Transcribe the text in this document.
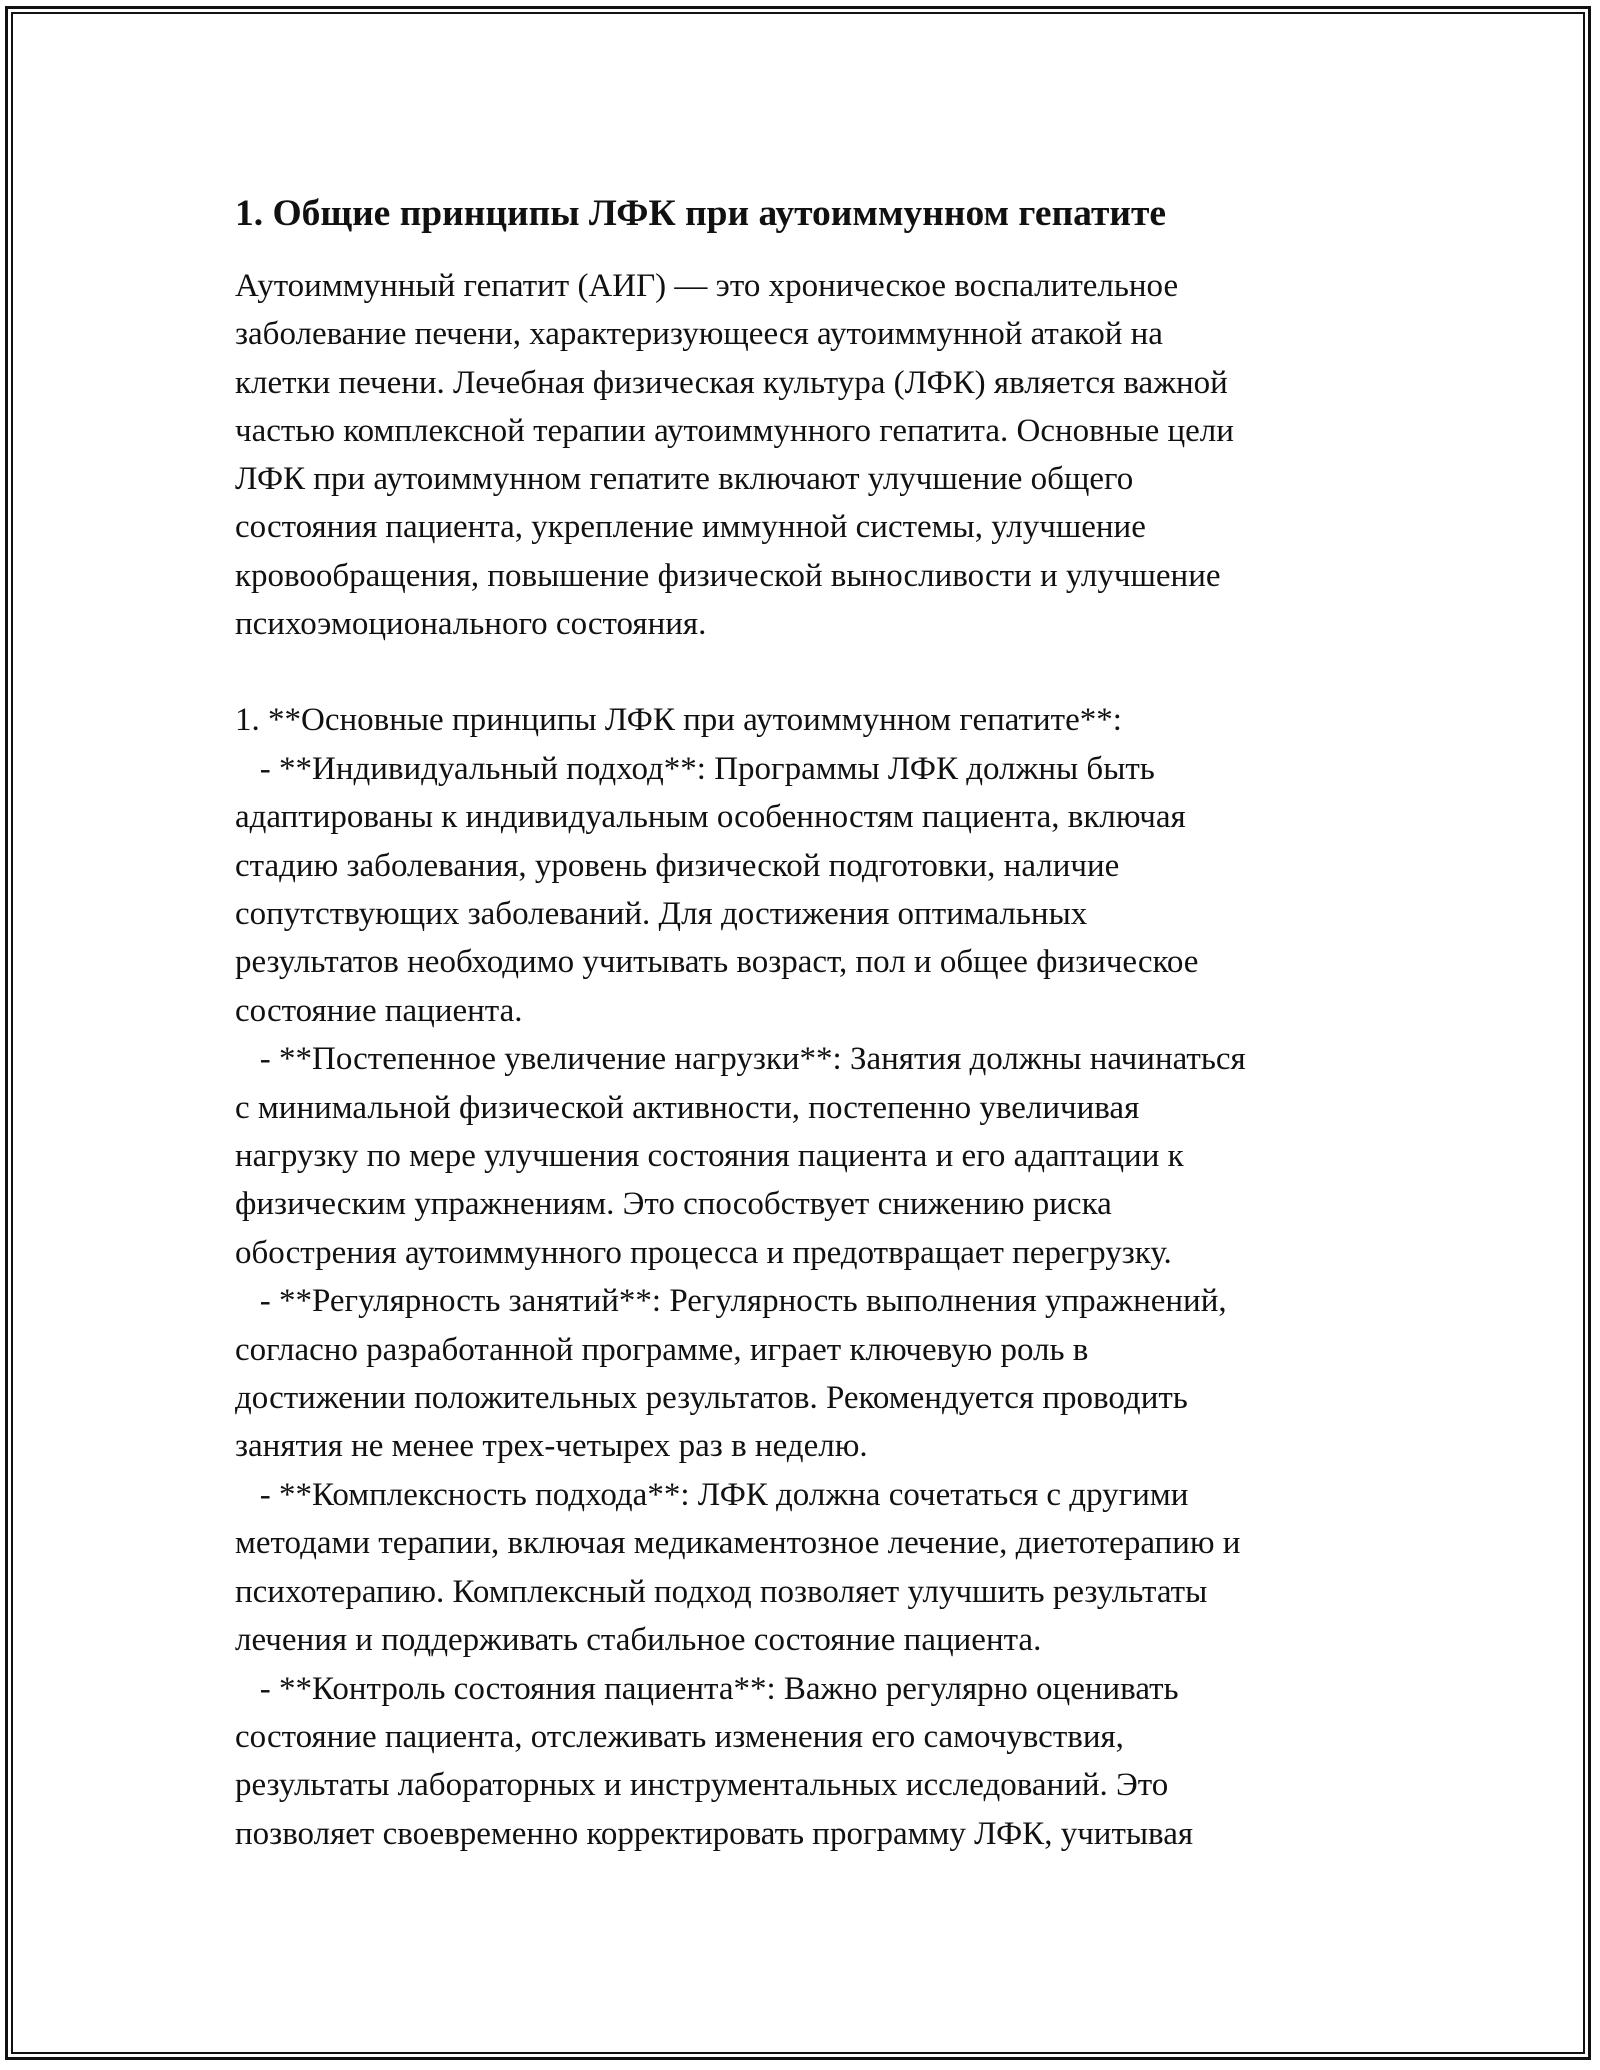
1. Общие принципы ЛФК при аутоиммунном гепатите

Аутоиммунный гепатит (АИГ) — это хроническое воспалительное
заболевание печени, характеризующееся аутоиммунной атакой на
клетки печени. Лечебная физическая культура (ЛФК) является важной
частью комплексной терапии аутоиммунного гепатита. Основные цели
ЛФК при аутоиммунном гепатите включают улучшение общего
состояния пациента, укрепление иммунной системы, улучшение
кровообращения, повышение физической выносливости и улучшение
психоэмоционального состояния.

1. **Основные принципы ЛФК при аутоиммунном гепатите**:
- **Индивидуальный подход**: Программы ЛФК должны быть
адаптированы к индивидуальным особенностям пациента, включая
стадию заболевания, уровень физической подготовки, наличие
сопутствующих заболеваний. Для достижения оптимальных
результатов необходимо учитывать возраст, пол и общее физическое
состояние пациента.
- **Постепенное увеличение нагрузки**: Занятия должны начинаться
с минимальной физической активности, постепенно увеличивая
нагрузку по мере улучшения состояния пациента и его адаптации к
физическим упражнениям. Это способствует снижению риска
обострения аутоиммунного процесса и предотвращает перегрузку.
- **Регулярность занятий**: Регулярность выполнения упражнений,
согласно разработанной программе, играет ключевую роль в
достижении положительных результатов. Рекомендуется проводить
занятия не менее трех-четырех раз в неделю.
- **Комплексность подхода**: ЛФК должна сочетаться с другими
методами терапии, включая медикаментозное лечение, диетотерапию и
психотерапию. Комплексный подход позволяет улучшить результаты
лечения и поддерживать стабильное состояние пациента.
- **Контроль состояния пациента**: Важно регулярно оценивать
состояние пациента, отслеживать изменения его самочувствия,
результаты лабораторных и инструментальных исследований. Это
позволяет своевременно корректировать программу ЛФК, учитывая
